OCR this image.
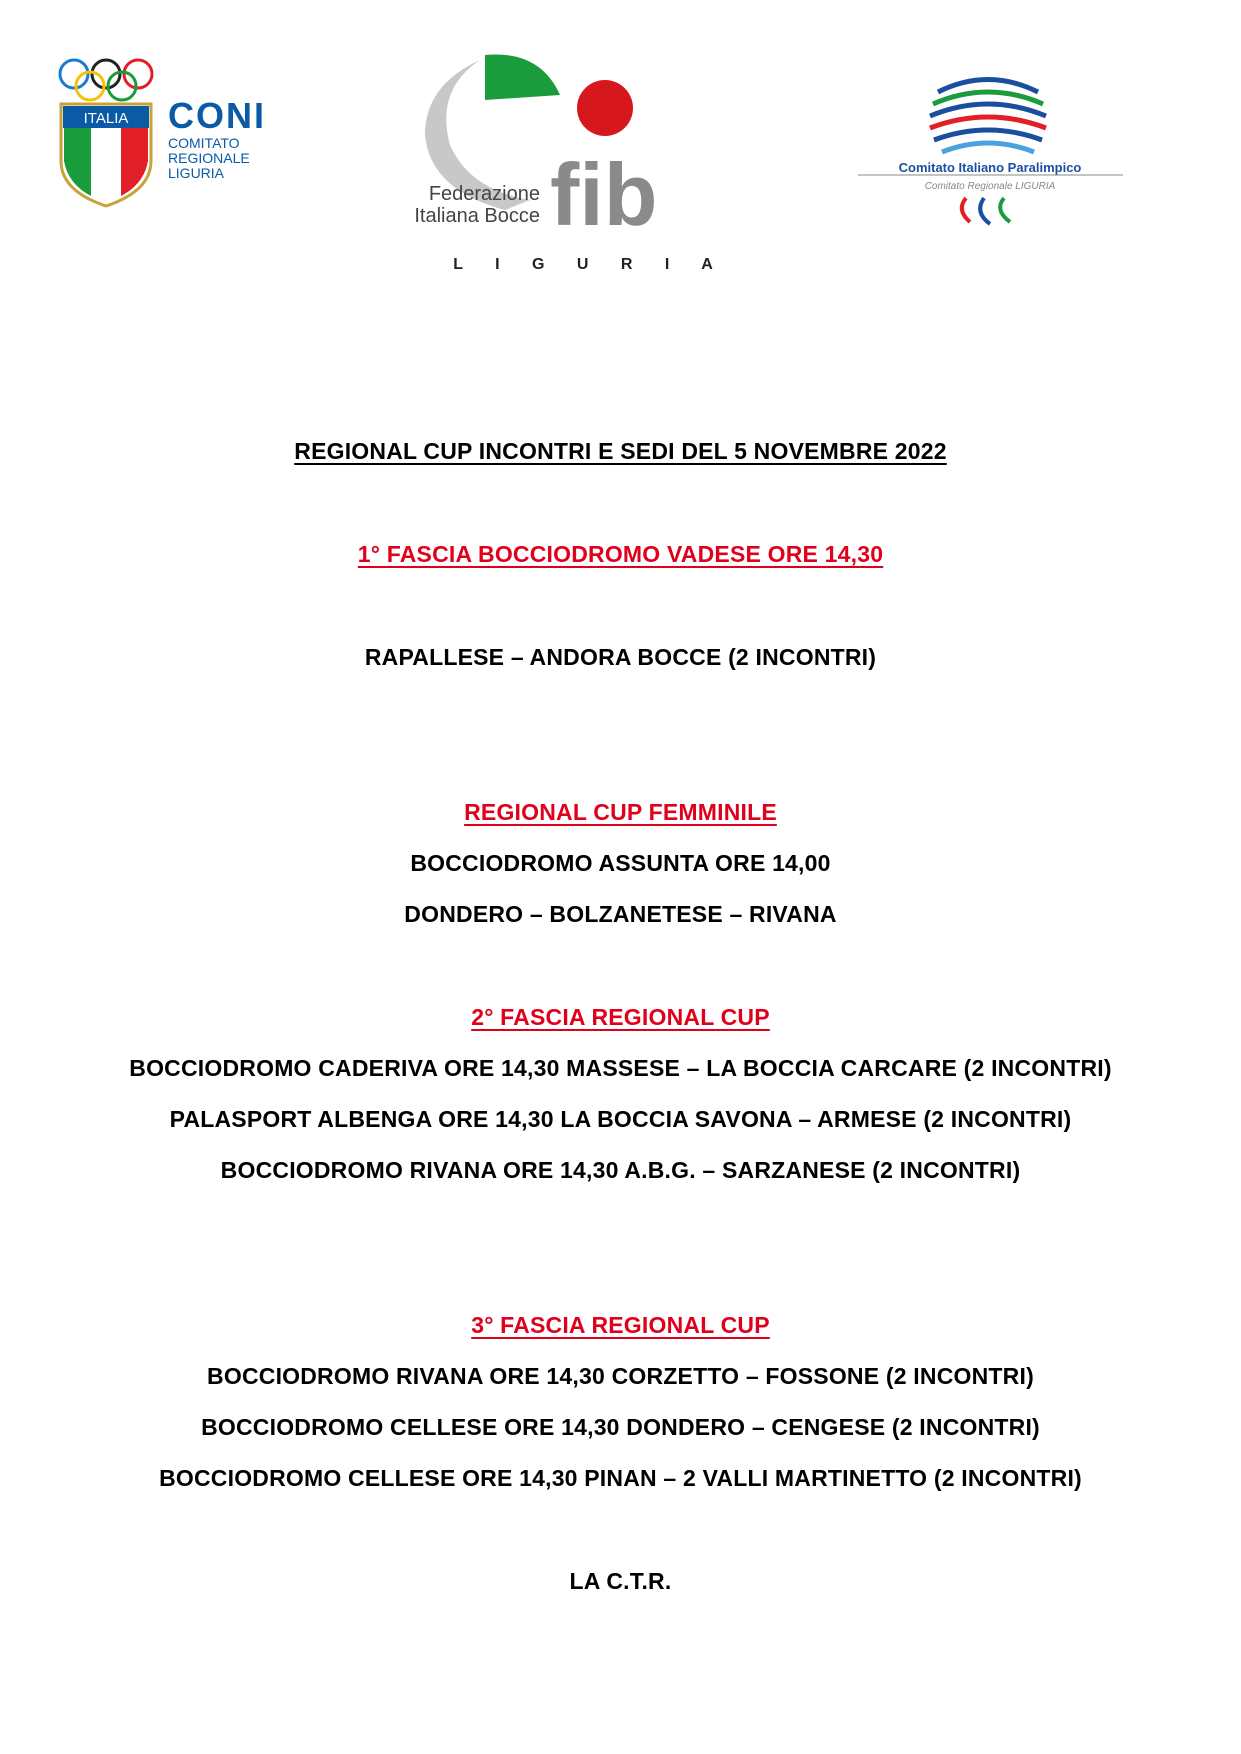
ITALIA CONI
COMITATO
REGIONALE
LIGURIA
Federazione
Italiana Bocce fib
L I G U R I A
Comitato Italiano Paralimpico
Comitato Regionale LIGURIA
REGIONAL CUP INCONTRI E SEDI DEL 5 NOVEMBRE 2022
1° FASCIA BOCCIODROMO VADESE ORE 14,30
RAPALLESE – ANDORA BOCCE (2 INCONTRI)
REGIONAL CUP FEMMINILE
BOCCIODROMO ASSUNTA ORE 14,00
DONDERO – BOLZANETESE – RIVANA
2° FASCIA REGIONAL CUP
BOCCIODROMO CADERIVA ORE 14,30 MASSESE – LA BOCCIA CARCARE (2 INCONTRI)
PALASPORT ALBENGA ORE 14,30 LA BOCCIA SAVONA – ARMESE (2 INCONTRI)
BOCCIODROMO RIVANA ORE 14,30 A.B.G. – SARZANESE (2 INCONTRI)
3° FASCIA REGIONAL CUP
BOCCIODROMO RIVANA ORE 14,30 CORZETTO – FOSSONE (2 INCONTRI)
BOCCIODROMO CELLESE ORE 14,30 DONDERO – CENGESE (2 INCONTRI)
BOCCIODROMO CELLESE ORE 14,30 PINAN – 2 VALLI MARTINETTO (2 INCONTRI)
LA C.T.R.
